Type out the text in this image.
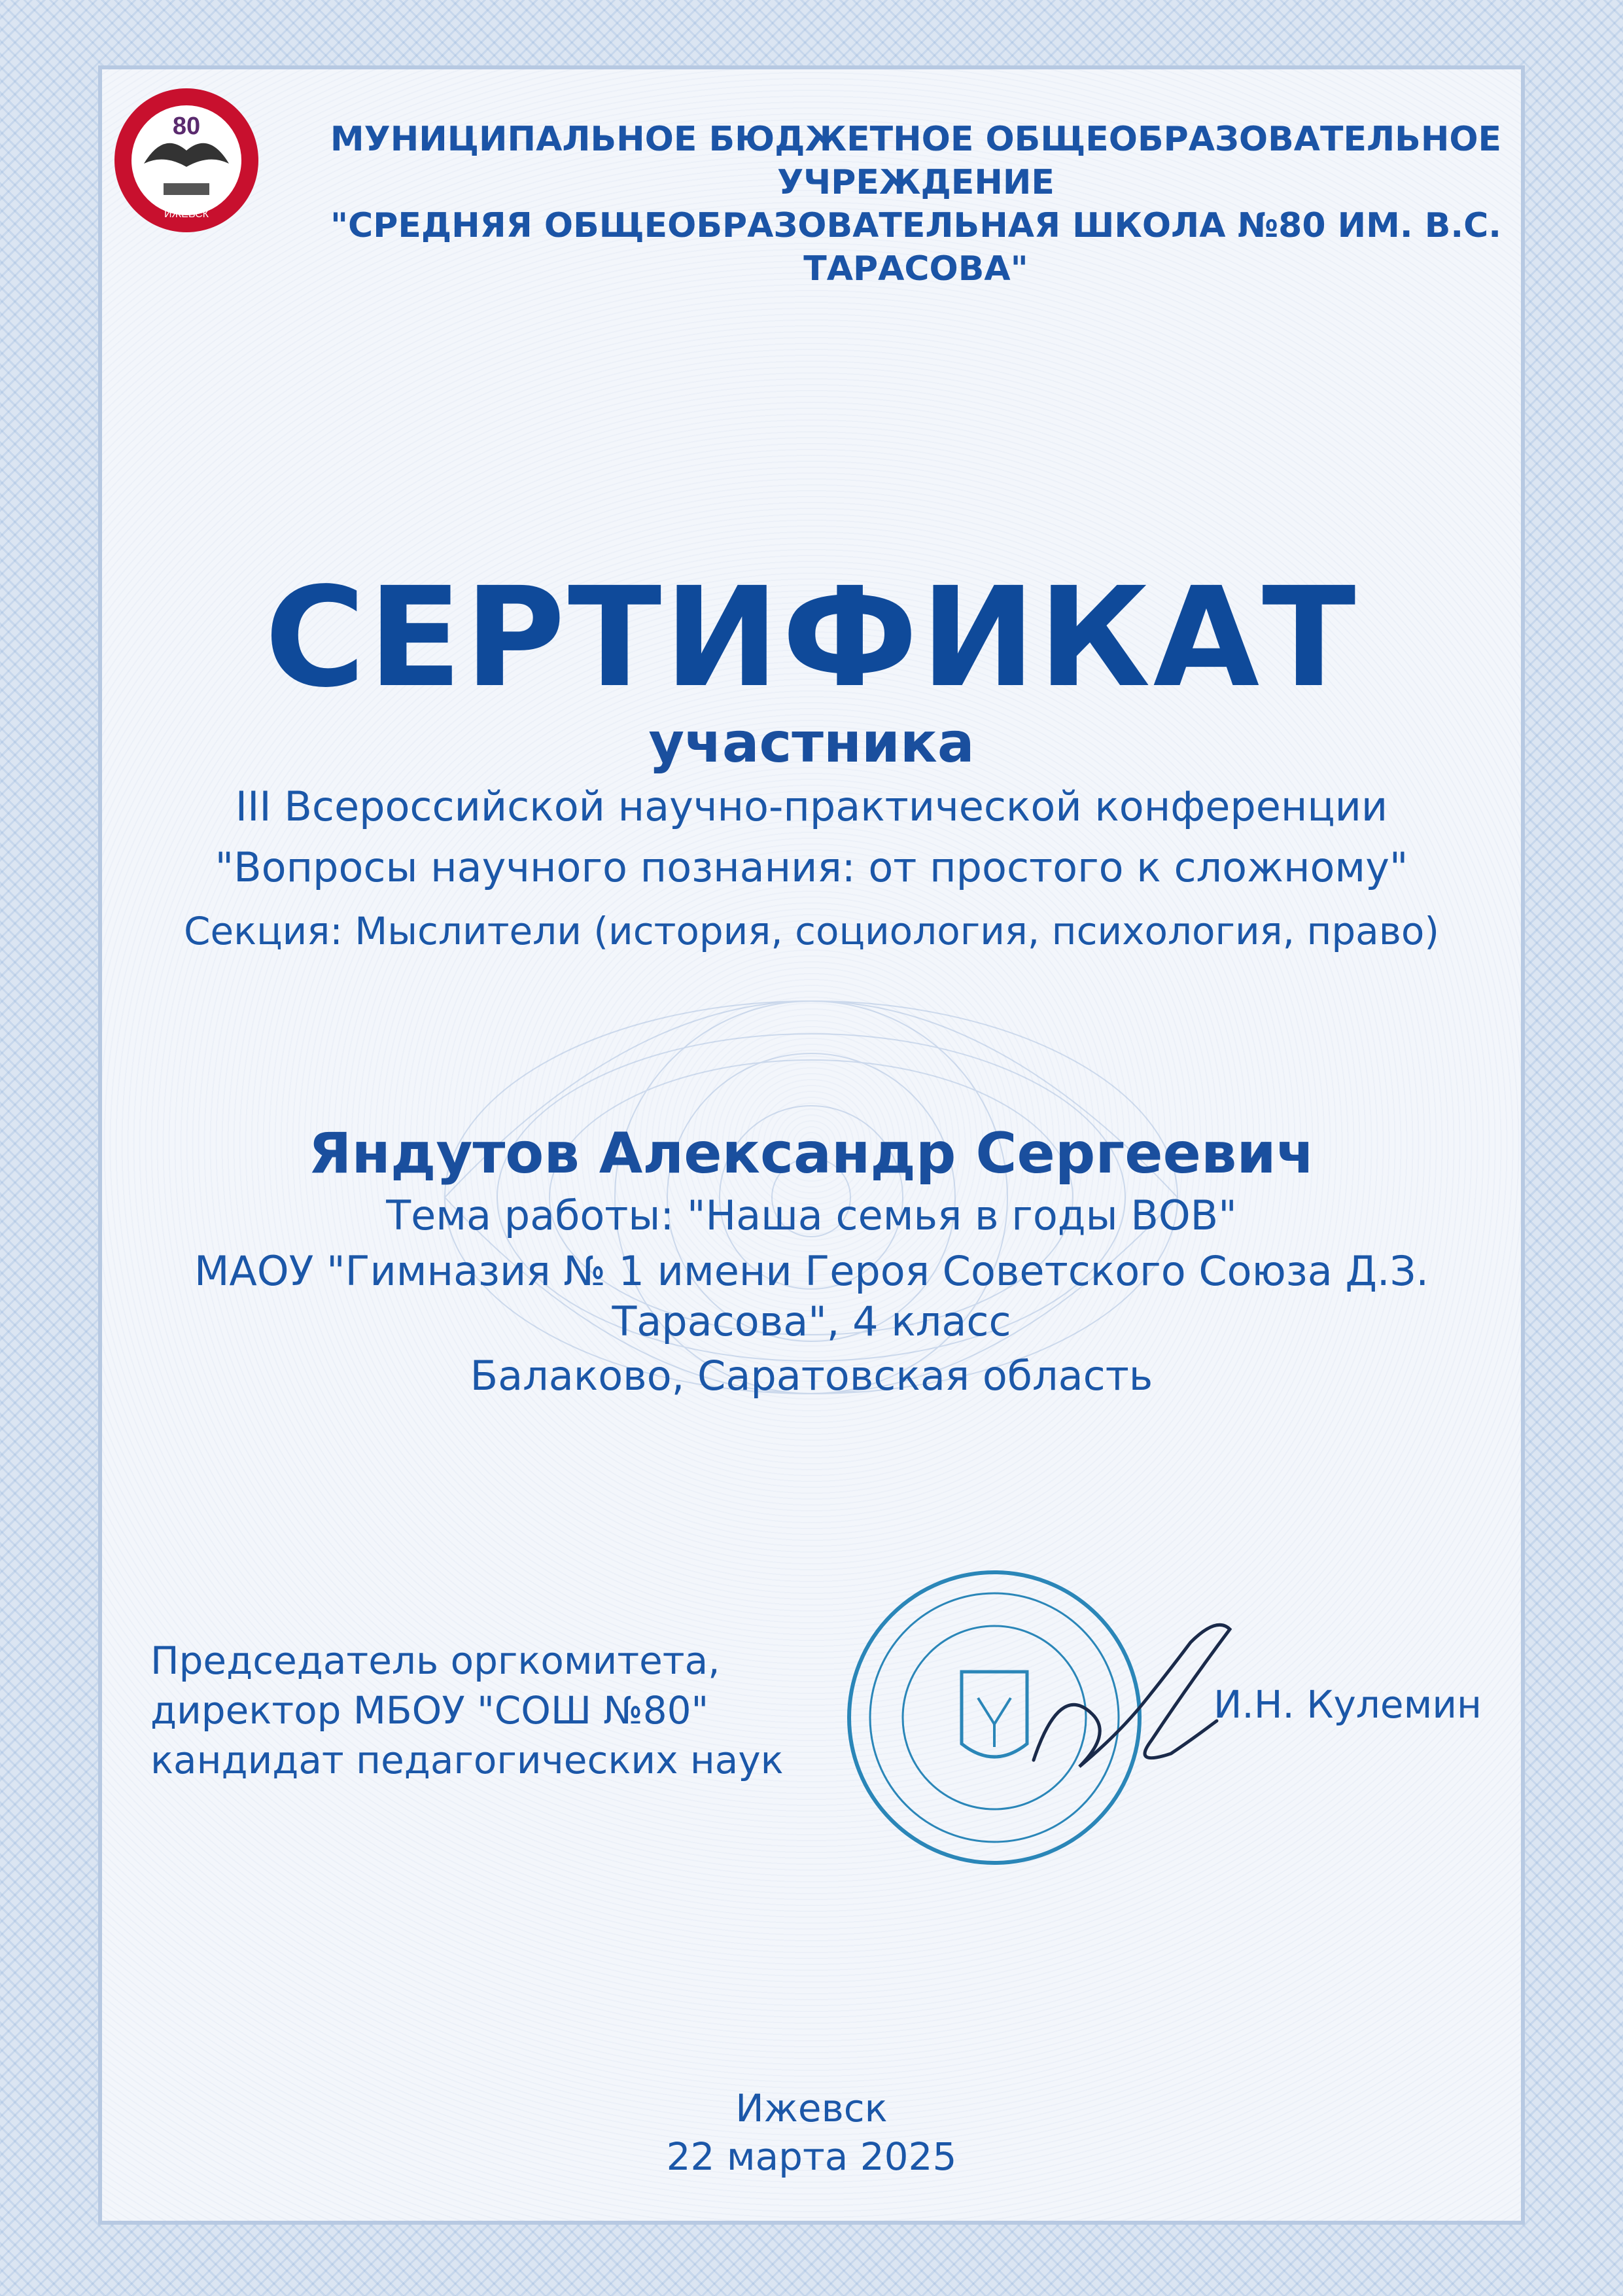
80
ИЖЕВСК
МУНИЦИПАЛЬНОЕ БЮДЖЕТНОЕ ОБЩЕОБРАЗОВАТЕЛЬНОЕ УЧРЕЖДЕНИЕ
"СРЕДНЯЯ ОБЩЕОБРАЗОВАТЕЛЬНАЯ ШКОЛА №80 ИМ. В.С. ТАРАСОВА"
СЕРТИФИКАТ
участника
III Всероссийской научно-практической конференции
"Вопросы научного познания: от простого к сложному"
Секция: Мыслители (история, социология, психология, право)
Яндутов Александр Сергеевич
Тема работы: "Наша семья в годы ВОВ"
МАОУ "Гимназия № 1 имени Героя Советского Союза Д.З.
Тарасова", 4 класс
Балаково, Саратовская область
Председатель оргкомитета,
директор МБОУ "СОШ №80"
кандидат педагогических наук
И.Н. Кулемин
Ижевск
22 марта 2025
